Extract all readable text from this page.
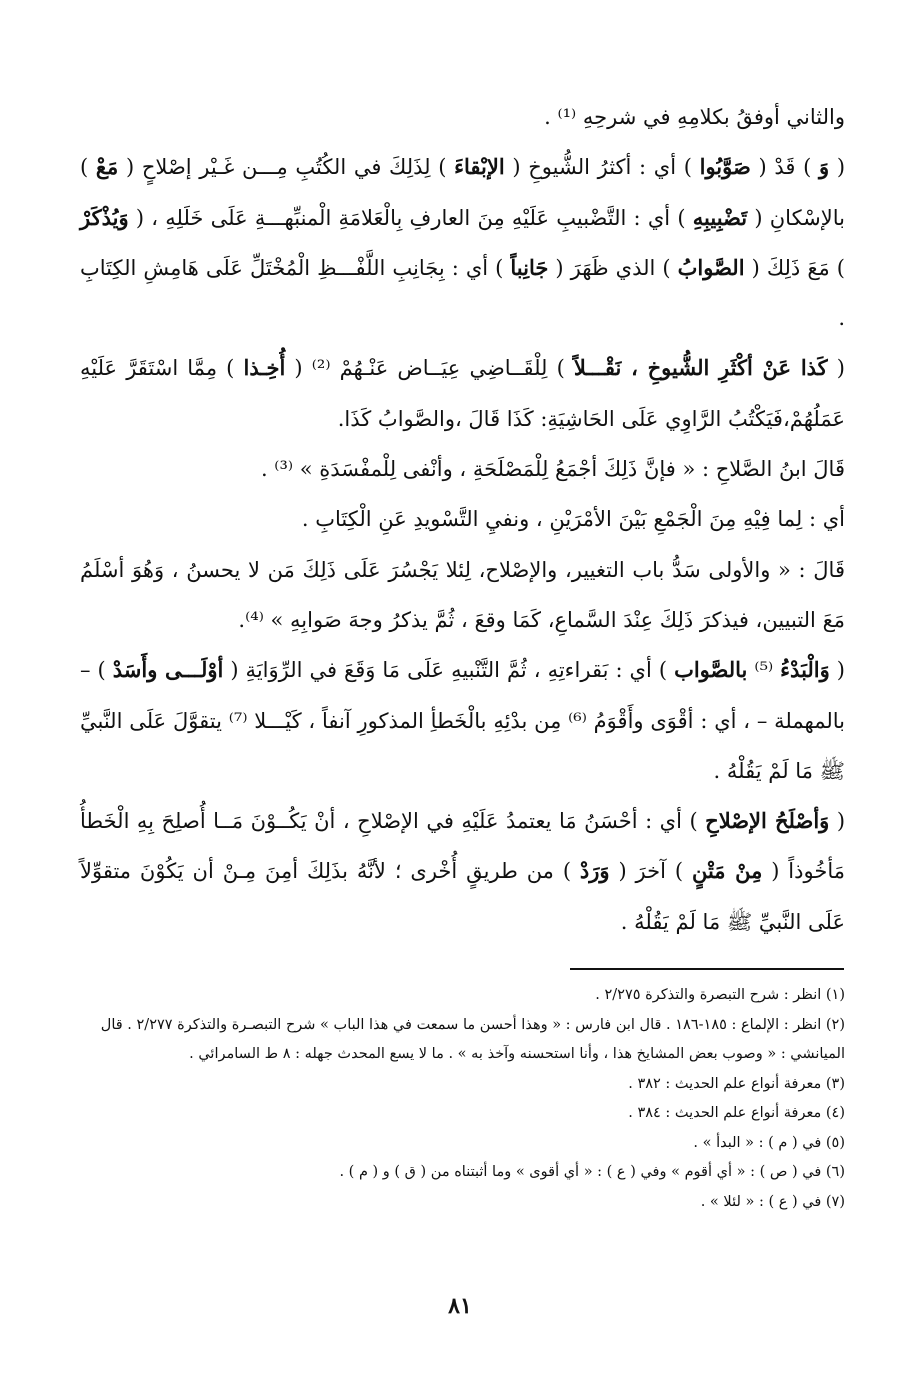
والثاني أوفقُ بكلامِهِ في شرحِهِ ⁽¹⁾ .

( وَ ) قَدْ ( صَوَّبُوا ) أي : أكثرُ الشُّيوخِ ( الإبْقاءَ ) لِذَلِكَ في الكُتُبِ مِـــن غَـيْر إصْلاحٍ ( مَعْ ) بالإسْكانِ ( تَضْبِيبِهِ ) أي : التَّضْبيبِ عَلَيْهِ مِنَ العارفِ بِالْعَلامَةِ الْمنبِّهـــةِ عَلَى خَلَلِهِ ، ( وَيُذْكَرْ ) مَعَ ذَلِكَ ( الصَّوابُ ) الذي ظَهَرَ ( جَانِباً ) أي : بِجَانِبِ اللَّفْـــظِ الْمُخْتَلِّ عَلَى هَامِشِ الكِتَابِ .

( كَذا عَنْ أكْثَرِ الشُّيوخِ ، نَقْـــلاً ) لِلْقَــاضِي عِيَــاض عَنْـهُمْ ⁽²⁾ ( أُخِـذا ) مِمَّا اسْتَقَرَّ عَلَيْهِ عَمَلُهُمْ،فَيَكْتُبُ الرَّاوِي عَلَى الحَاشِيَةِ: كَذَا قَالَ ،والصَّوابُ كَذَا.

قَالَ ابنُ الصَّلاحِ : « فإنَّ ذَلِكَ أجْمَعُ لِلْمَصْلَحَةِ ، وأنْفى لِلْمفْسَدَةِ » ⁽³⁾ .

أي : لِما فِيْهِ مِنَ الْجَمْعِ بَيْنَ الأمْرَيْنِ ، ونفيِ التَّسْويدِ عَنِ الْكِتَابِ .

قَالَ : « والأولى سَدُّ باب التغيير، والإصْلاح، لِئلا يَجْسُرَ عَلَى ذَلِكَ مَن لا يحسنُ ، وَهُوَ أسْلَمُ مَعَ التبيين، فيذكرَ ذَلِكَ عِنْدَ السَّماعِ، كَمَا وقعَ ، ثُمَّ يذكرُ وجهَ صَوابِهِ » ⁽⁴⁾.

( وَالْبَدْءُ ⁽⁵⁾ بالصَّواب ) أي : بَقراءتِهِ ، ثُمَّ التَّنْبيهِ عَلَى مَا وَقَعَ في الرِّوَايَةِ ( أوْلَـــى وأَسَدْ ) – بالمهملة – ، أي : أقْوَى وأَقْوَمُ ⁽⁶⁾ مِن بدْئِهِ بالْخَطأِ المذكورِ آنفاً ، كَيْـــلا ⁽⁷⁾ يتقوَّلَ عَلَى النَّبيِّ ﷺ مَا لَمْ يَقُلْهُ .

( وَأصْلَحُ الإصْلاحِ ) أي : أحْسَنُ مَا يعتمدُ عَلَيْهِ في الإصْلاحِ ، أنْ يَكُــوْنَ مَــا أُصلِحَ بِهِ الْخَطأُ مَأخُوذاً ( مِنْ مَتْنٍ ) آخرَ ( وَرَدْ ) من طريقٍ أُخْرى ؛ لأنَّهُ بذَلِكَ أمِنَ مِـنْ أن يَكُوْنَ متقوِّلاً عَلَى النَّبيِّ ﷺ مَا لَمْ يَقُلْهُ .

(١) انظر : شرح التبصرة والتذكرة ٢/٢٧٥ .

(٢) انظر : الإلماع : ١٨٥-١٨٦ . قال ابن فارس : « وهذا أحسن ما سمعت في هذا الباب » شرح التبصـرة والتذكرة ٢/٢٧٧ . قال الميانشي : « وصوب بعض المشايخ هذا ، وأنا استحسنه وآخذ به » . ما لا يسع المحدث جهله : ٨ ط السامرائي .

(٣) معرفة أنواع علم الحديث : ٣٨٢ .

(٤) معرفة أنواع علم الحديث : ٣٨٤ .

(٥) في ( م ) : « البدأ » .

(٦) في ( ص ) : « أي أقوم » وفي ( ع ) : « أي أقوى » وما أثبتناه من ( ق ) و ( م ) .

(٧) في ( ع ) : « لئلا » .

٨١
